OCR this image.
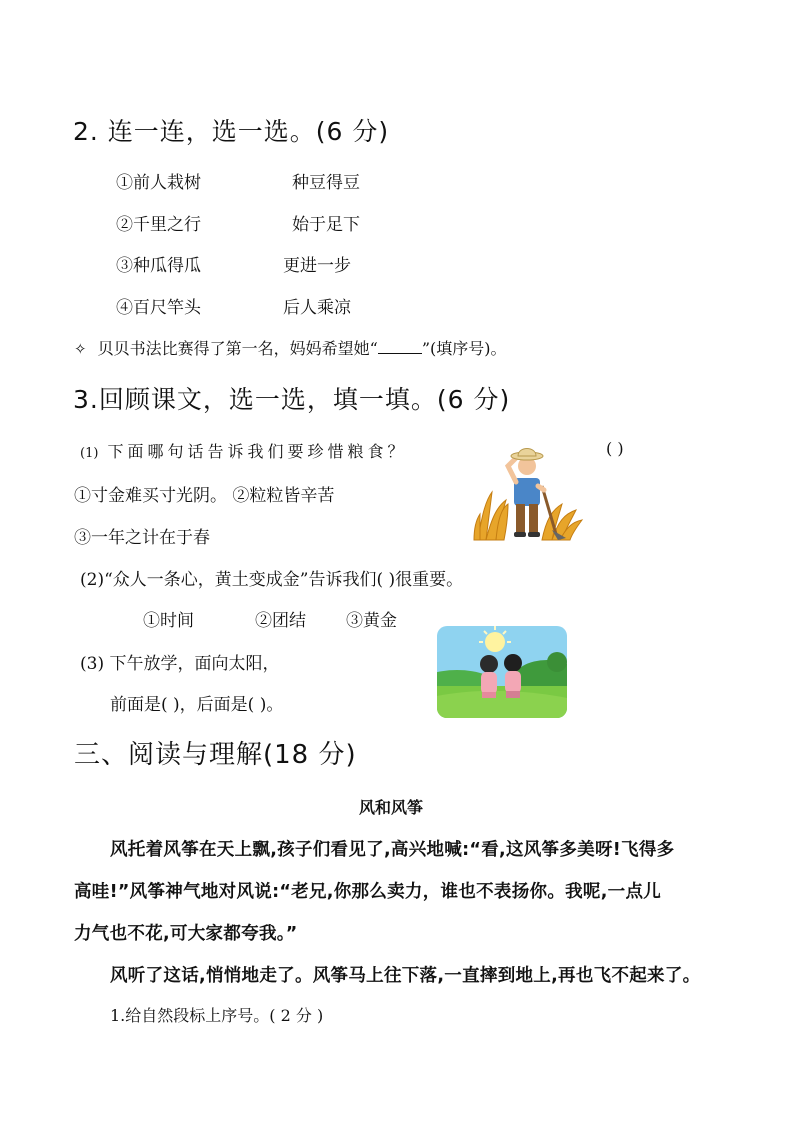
2. 连一连，选一选。(6 分)
①前人栽树	种豆得豆
②千里之行	始于足下
③种瓜得瓜	更进一步
④百尺竿头	后人乘凉
✧ 贝贝书法比赛得了第一名，妈妈希望她“	”(填序号)。
3.回顾课文，选一选，填一填。(6 分)
(1) 下面哪句话告诉我们要珍惜粮食？	( )
①寸金难买寸光阴。 ②粒粒皆辛苦
③一年之计在于春
(2)“众人一条心，黄土变成金”告诉我们( )很重要。
①时间	②团结 ③黄金
(3) 下午放学，面向太阳，
前面是( )，后面是( )。
三、阅读与理解(18 分)
风和风筝
风托着风筝在天上飘,孩子们看见了,高兴地喊:“看,这风筝多美呀!飞得多
高哇!”风筝神气地对风说:“老兄,你那么卖力，谁也不表扬你。我呢,一点儿
力气也不花,可大家都夸我。”
风听了这话,悄悄地走了。风筝马上往下落,一直摔到地上,再也飞不起来了。
1.给自然段标上序号。( 2 分 )
